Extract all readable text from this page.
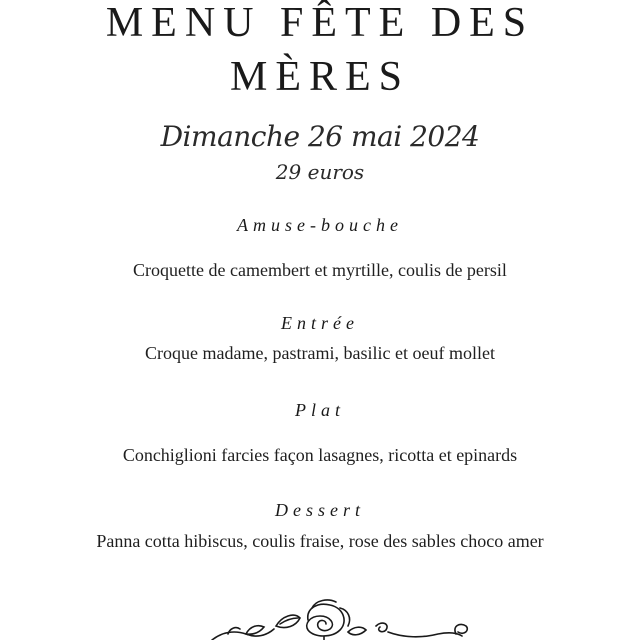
MENU FÊTE DES
MÈRES
Dimanche 26 mai 2024
29 euros
Amuse-bouche
Croquette de camembert et myrtille, coulis de persil
Entrée
Croque madame, pastrami, basilic et oeuf mollet
Plat
Conchiglioni farcies façon lasagnes, ricotta et epinards
Dessert
Panna cotta hibiscus, coulis fraise, rose des sables choco amer
